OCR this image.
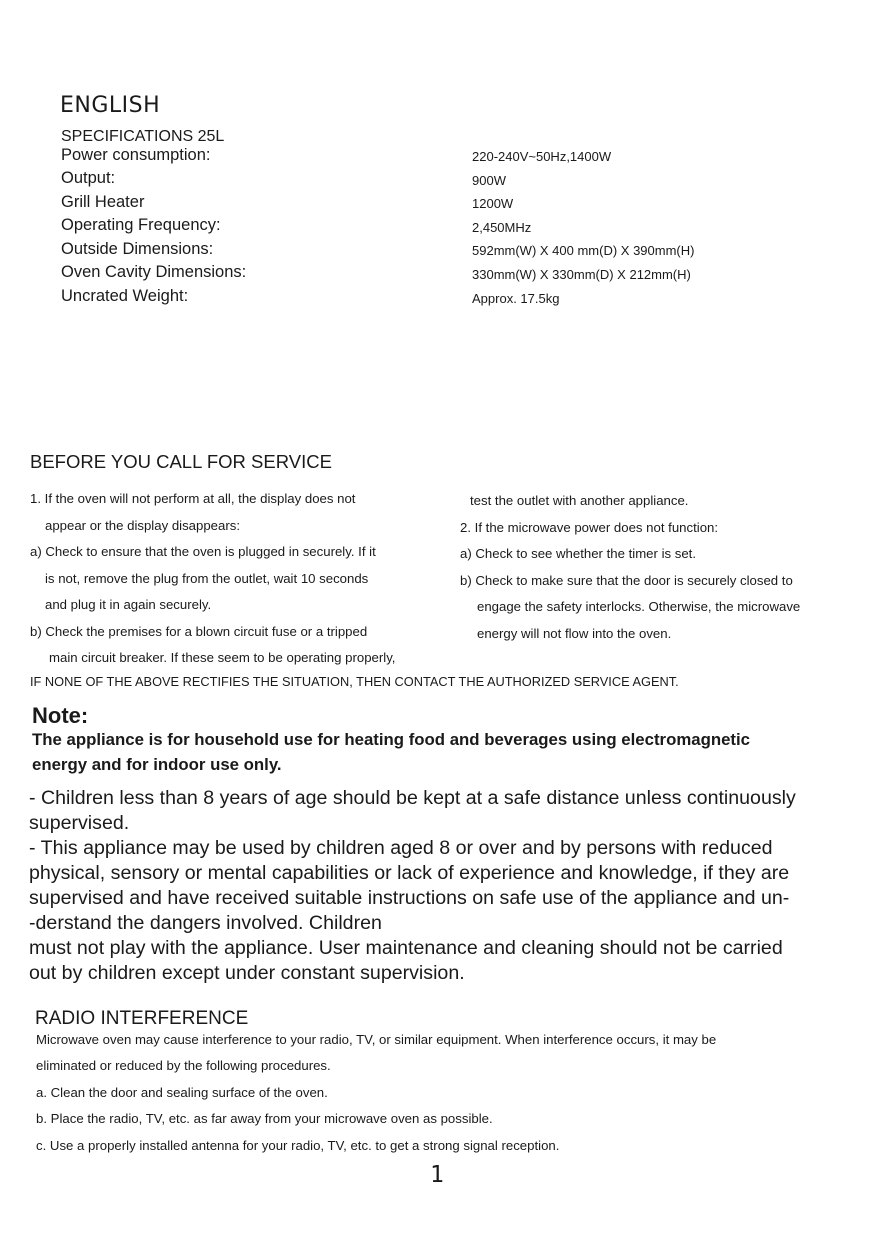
ENGLISH
SPECIFICATIONS 25L
Power consumption:	220-240V~50Hz,1400W
Output:	900W
Grill Heater	1200W
Operating Frequency:	2,450MHz
Outside Dimensions:	592mm(W) X 400 mm(D) X 390mm(H)
Oven Cavity Dimensions:	330mm(W) X 330mm(D) X 212mm(H)
Uncrated Weight:	Approx. 17.5kg
BEFORE YOU CALL FOR SERVICE
1. If the oven will not perform at all, the display does not
appear or the display disappears:
a) Check to ensure that the oven is plugged in securely. If it
is not, remove the plug from the outlet, wait 10 seconds
and plug it in again securely.
b) Check the premises for a blown circuit fuse or a tripped
main circuit breaker. If these seem to be operating properly,
test the outlet with another appliance.
2. If the microwave power does not function:
a) Check to see whether the timer is set.
b) Check to make sure that the door is securely closed to
engage the safety interlocks. Otherwise, the microwave
energy will not flow into the oven.
IF NONE OF THE ABOVE RECTIFIES THE SITUATION, THEN CONTACT THE AUTHORIZED SERVICE AGENT.
Note:
The appliance is for household use for heating food and beverages using electromagnetic
energy and for indoor use only.
- Children less than 8 years of age should be kept at a safe distance unless continuously
supervised.
- This appliance may be used by children aged 8 or over and by persons with reduced
physical, sensory or mental capabilities or lack of experience and knowledge, if they are
supervised and have received suitable instructions on safe use of the appliance and un-
-derstand the dangers involved. Children
must not play with the appliance. User maintenance and cleaning should not be carried
out by children except under constant supervision.
RADIO INTERFERENCE
Microwave oven may cause interference to your radio, TV, or similar equipment. When interference occurs, it may be
eliminated or reduced by the following procedures.
a. Clean the door and sealing surface of the oven.
b. Place the radio, TV, etc. as far away from your microwave oven as possible.
c. Use a properly installed antenna for your radio, TV, etc. to get a strong signal reception.
1
